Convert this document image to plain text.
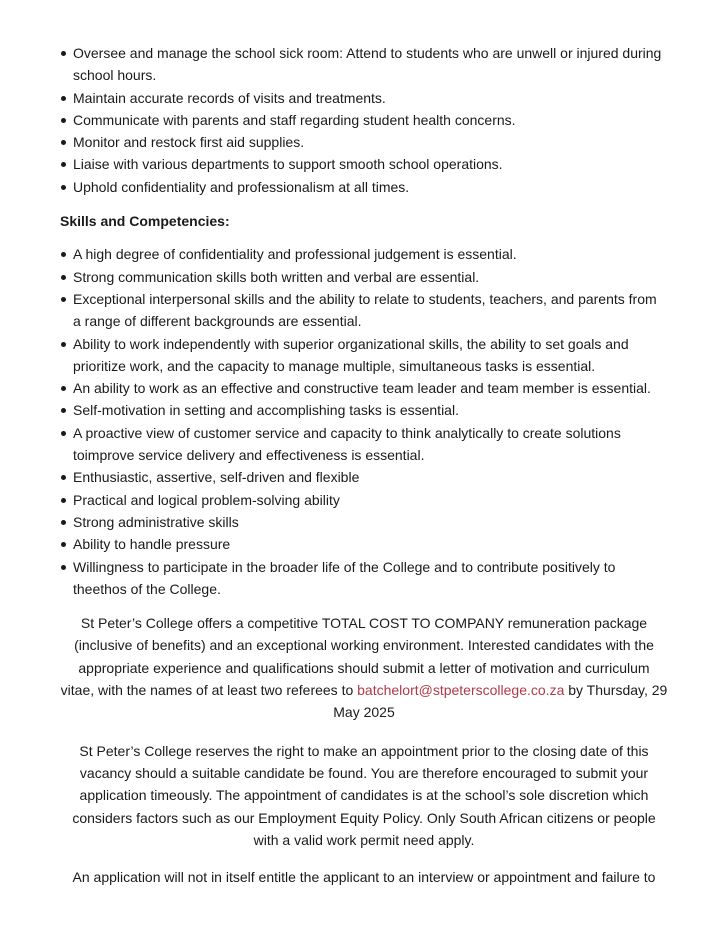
Oversee and manage the school sick room: Attend to students who are unwell or injured during school hours.
Maintain accurate records of visits and treatments.
Communicate with parents and staff regarding student health concerns.
Monitor and restock first aid supplies.
Liaise with various departments to support smooth school operations.
Uphold confidentiality and professionalism at all times.
Skills and Competencies:
A high degree of confidentiality and professional judgement is essential.
Strong communication skills both written and verbal are essential.
Exceptional interpersonal skills and the ability to relate to students, teachers, and parents from a range of different backgrounds are essential.
Ability to work independently with superior organizational skills, the ability to set goals and prioritize work, and the capacity to manage multiple, simultaneous tasks is essential.
An ability to work as an effective and constructive team leader and team member is essential.
Self-motivation in setting and accomplishing tasks is essential.
A proactive view of customer service and capacity to think analytically to create solutions toimprove service delivery and effectiveness is essential.
Enthusiastic, assertive, self-driven and flexible
Practical and logical problem-solving ability
Strong administrative skills
Ability to handle pressure
Willingness to participate in the broader life of the College and to contribute positively to theethos of the College.

St Peter’s College offers a competitive TOTAL COST TO COMPANY remuneration package (inclusive of benefits) and an exceptional working environment. Interested candidates with the appropriate experience and qualifications should submit a letter of motivation and curriculum vitae, with the names of at least two referees to batchelort@stpeterscollege.co.za by Thursday, 29 May 2025

St Peter’s College reserves the right to make an appointment prior to the closing date of this vacancy should a suitable candidate be found. You are therefore encouraged to submit your application timeously. The appointment of candidates is at the school’s sole discretion which considers factors such as our Employment Equity Policy. Only South African citizens or people with a valid work permit need apply.

An application will not in itself entitle the applicant to an interview or appointment and failure to
